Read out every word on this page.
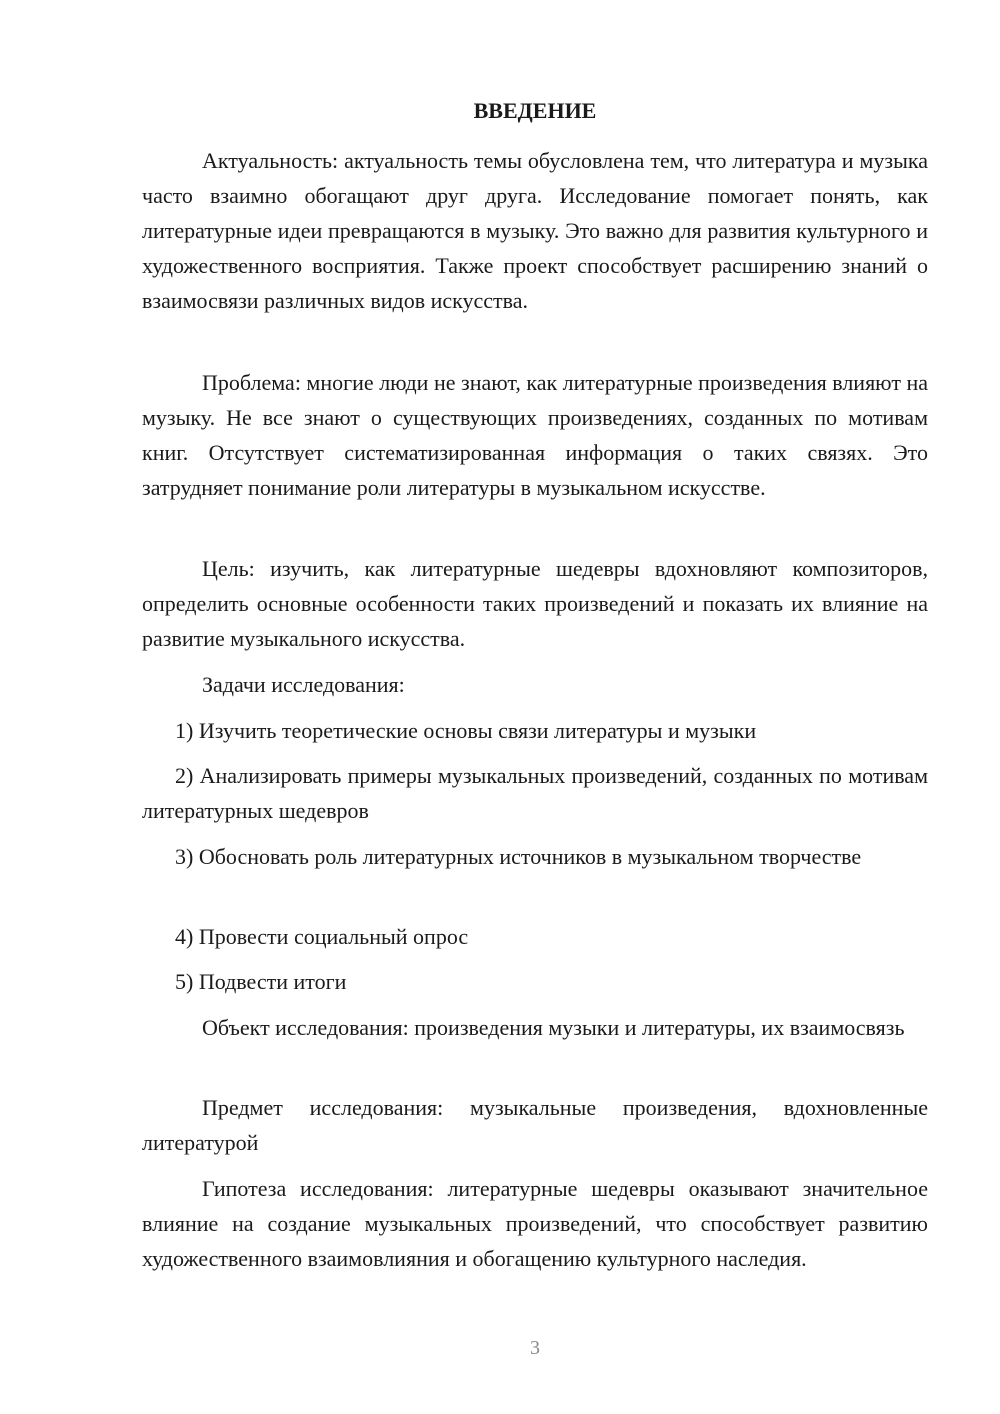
ВВЕДЕНИЕ

Актуальность: актуальность темы обусловлена тем, что литература и музыка часто взаимно обогащают друг друга. Исследование помогает понять, как литературные идеи превращаются в музыку. Это важно для развития культурного и художественного восприятия. Также проект способствует расширению знаний о взаимосвязи различных видов искусства.

Проблема: многие люди не знают, как литературные произведения влияют на музыку. Не все знают о существующих произведениях, созданных по мотивам книг. Отсутствует систематизированная информация о таких связях. Это затрудняет понимание роли литературы в музыкальном искусстве.

Цель: изучить, как литературные шедевры вдохновляют композиторов, определить основные особенности таких произведений и показать их влияние на развитие музыкального искусства.

Задачи исследования:

1) Изучить теоретические основы связи литературы и музыки

2) Анализировать примеры музыкальных произведений, созданных по мотивам литературных шедевров

3) Обосновать роль литературных источников в музыкальном творчестве

4) Провести социальный опрос

5) Подвести итоги

Объект исследования: произведения музыки и литературы, их взаимосвязь

Предмет исследования: музыкальные произведения, вдохновленные литературой

Гипотеза исследования: литературные шедевры оказывают значительное влияние на создание музыкальных произведений, что способствует развитию художественного взаимовлияния и обогащению культурного наследия.

3
